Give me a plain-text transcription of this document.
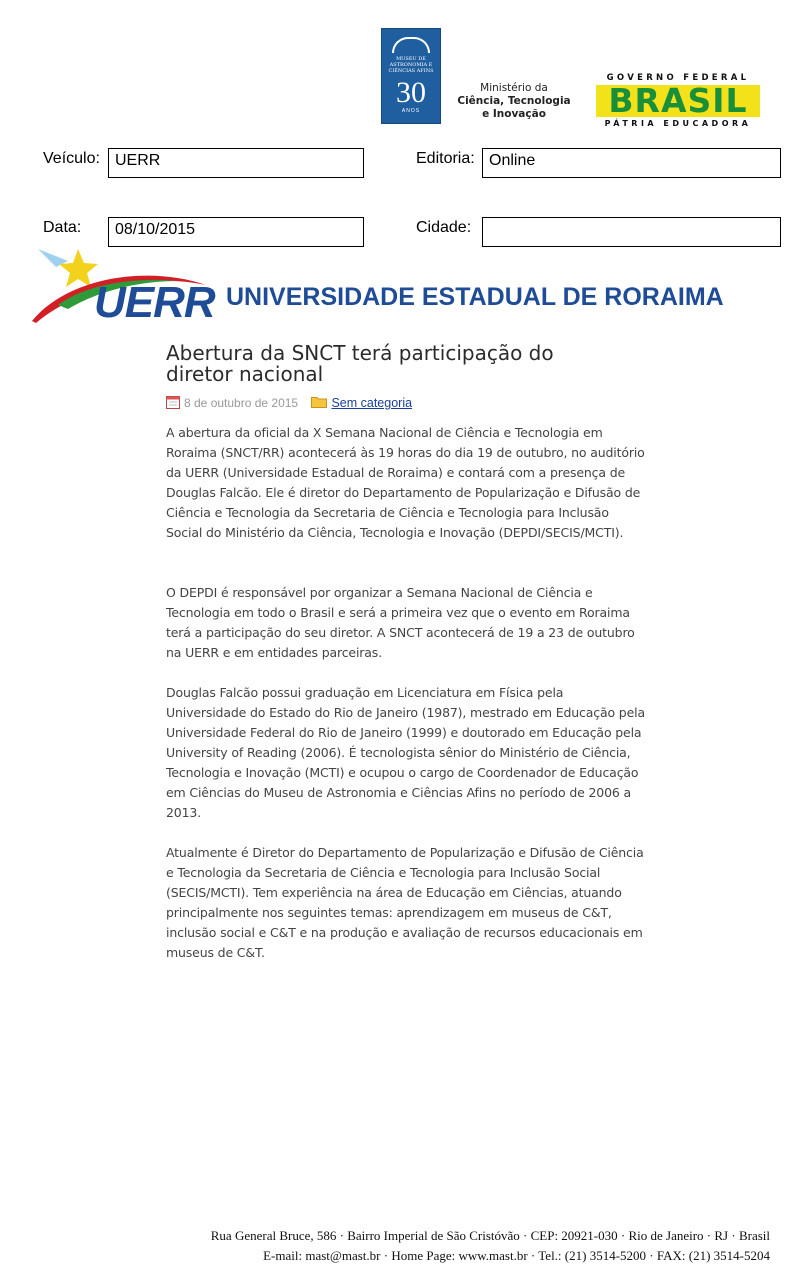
MUSEU DE ASTRONOMIA E CIÊNCIAS AFINS
30
ANOS
Ministério da
Ciência, Tecnologia
e Inovação
GOVERNO FEDERAL
BRASIL
PÁTRIA EDUCADORA
Veículo: UERR	Editoria: Online
Data:	08/10/2015	Cidade:
UERR UNIVERSIDADE ESTADUAL DE RORAIMA
Abertura da SNCT terá participação do diretor nacional
8 de outubro de 2015	Sem categoria
A abertura da oficial da X Semana Nacional de Ciência e Tecnologia em Roraima (SNCT/RR) acontecerá às 19 horas do dia 19 de outubro, no auditório da UERR (Universidade Estadual de Roraima) e contará com a presença de Douglas Falcão. Ele é diretor do Departamento de Popularização e Difusão de Ciência e Tecnologia da Secretaria de Ciência e Tecnologia para Inclusão Social do Ministério da Ciência, Tecnologia e Inovação (DEPDI/SECIS/MCTI).
O DEPDI é responsável por organizar a Semana Nacional de Ciência e Tecnologia em todo o Brasil e será a primeira vez que o evento em Roraima terá a participação do seu diretor. A SNCT acontecerá de 19 a 23 de outubro na UERR e em entidades parceiras.
Douglas Falcão possui graduação em Licenciatura em Física pela Universidade do Estado do Rio de Janeiro (1987), mestrado em Educação pela Universidade Federal do Rio de Janeiro (1999) e doutorado em Educação pela University of Reading (2006). É tecnologista sênior do Ministério de Ciência, Tecnologia e Inovação (MCTI) e ocupou o cargo de Coordenador de Educação em Ciências do Museu de Astronomia e Ciências Afins no período de 2006 a 2013.
Atualmente é Diretor do Departamento de Popularização e Difusão de Ciência e Tecnologia da Secretaria de Ciência e Tecnologia para Inclusão Social (SECIS/MCTI). Tem experiência na área de Educação em Ciências, atuando principalmente nos seguintes temas: aprendizagem em museus de C&T, inclusão social e C&T e na produção e avaliação de recursos educacionais em museus de C&T.
Rua General Bruce, 586 · Bairro Imperial de São Cristóvão · CEP: 20921-030 · Rio de Janeiro · RJ · Brasil
E-mail: mast@mast.br · Home Page: www.mast.br · Tel.: (21) 3514-5200 · FAX: (21) 3514-5204
